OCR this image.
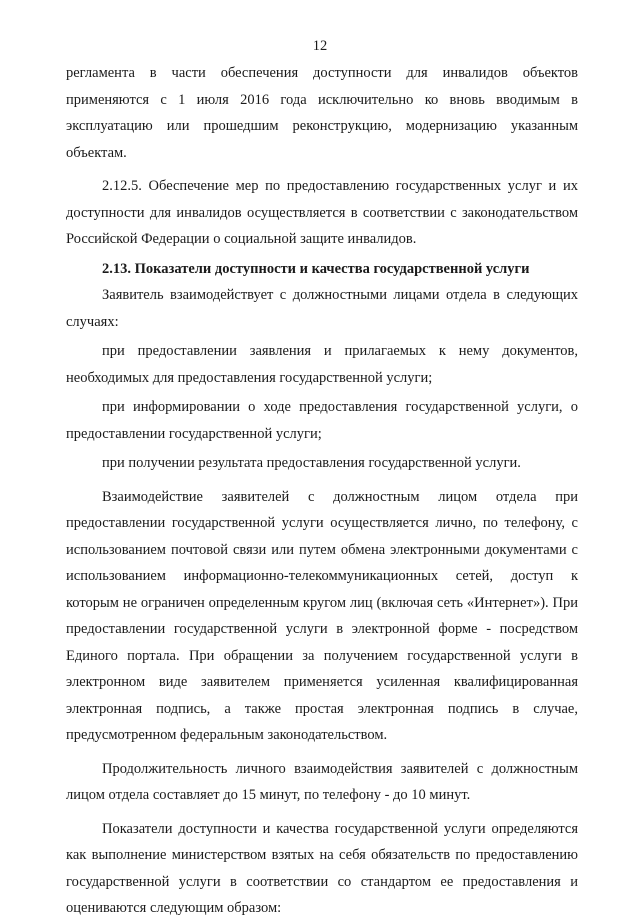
12

регламента в части обеспечения доступности для инвалидов объектов применяются с 1 июля 2016 года исключительно ко вновь вводимым в эксплуатацию или прошедшим реконструкцию, модернизацию указанным объектам.

2.12.5. Обеспечение мер по предоставлению государственных услуг и их доступности для инвалидов осуществляется в соответствии с законодательством Российской Федерации о социальной защите инвалидов.

2.13. Показатели доступности и качества государственной услуги

Заявитель взаимодействует с должностными лицами отдела в следующих случаях:

при предоставлении заявления и прилагаемых к нему документов, необходимых для предоставления государственной услуги;

при информировании о ходе предоставления государственной услуги, о предоставлении государственной услуги;

при получении результата предоставления государственной услуги.

Взаимодействие заявителей с должностным лицом отдела при предоставлении государственной услуги осуществляется лично, по телефону, с использованием почтовой связи или путем обмена электронными документами с использованием информационно-телекоммуникационных сетей, доступ к которым не ограничен определенным кругом лиц (включая сеть «Интернет»). При предоставлении государственной услуги в электронной форме - посредством Единого портала. При обращении за получением государственной услуги в электронном виде заявителем применяется усиленная квалифицированная электронная подпись, а также простая электронная подпись в случае, предусмотренном федеральным законодательством.

Продолжительность личного взаимодействия заявителей с должностным лицом отдела составляет до 15 минут, по телефону - до 10 минут.

Показатели доступности и качества государственной услуги определяются как выполнение министерством взятых на себя обязательств по предоставлению государственной услуги в соответствии со стандартом ее предоставления и оцениваются следующим образом:
